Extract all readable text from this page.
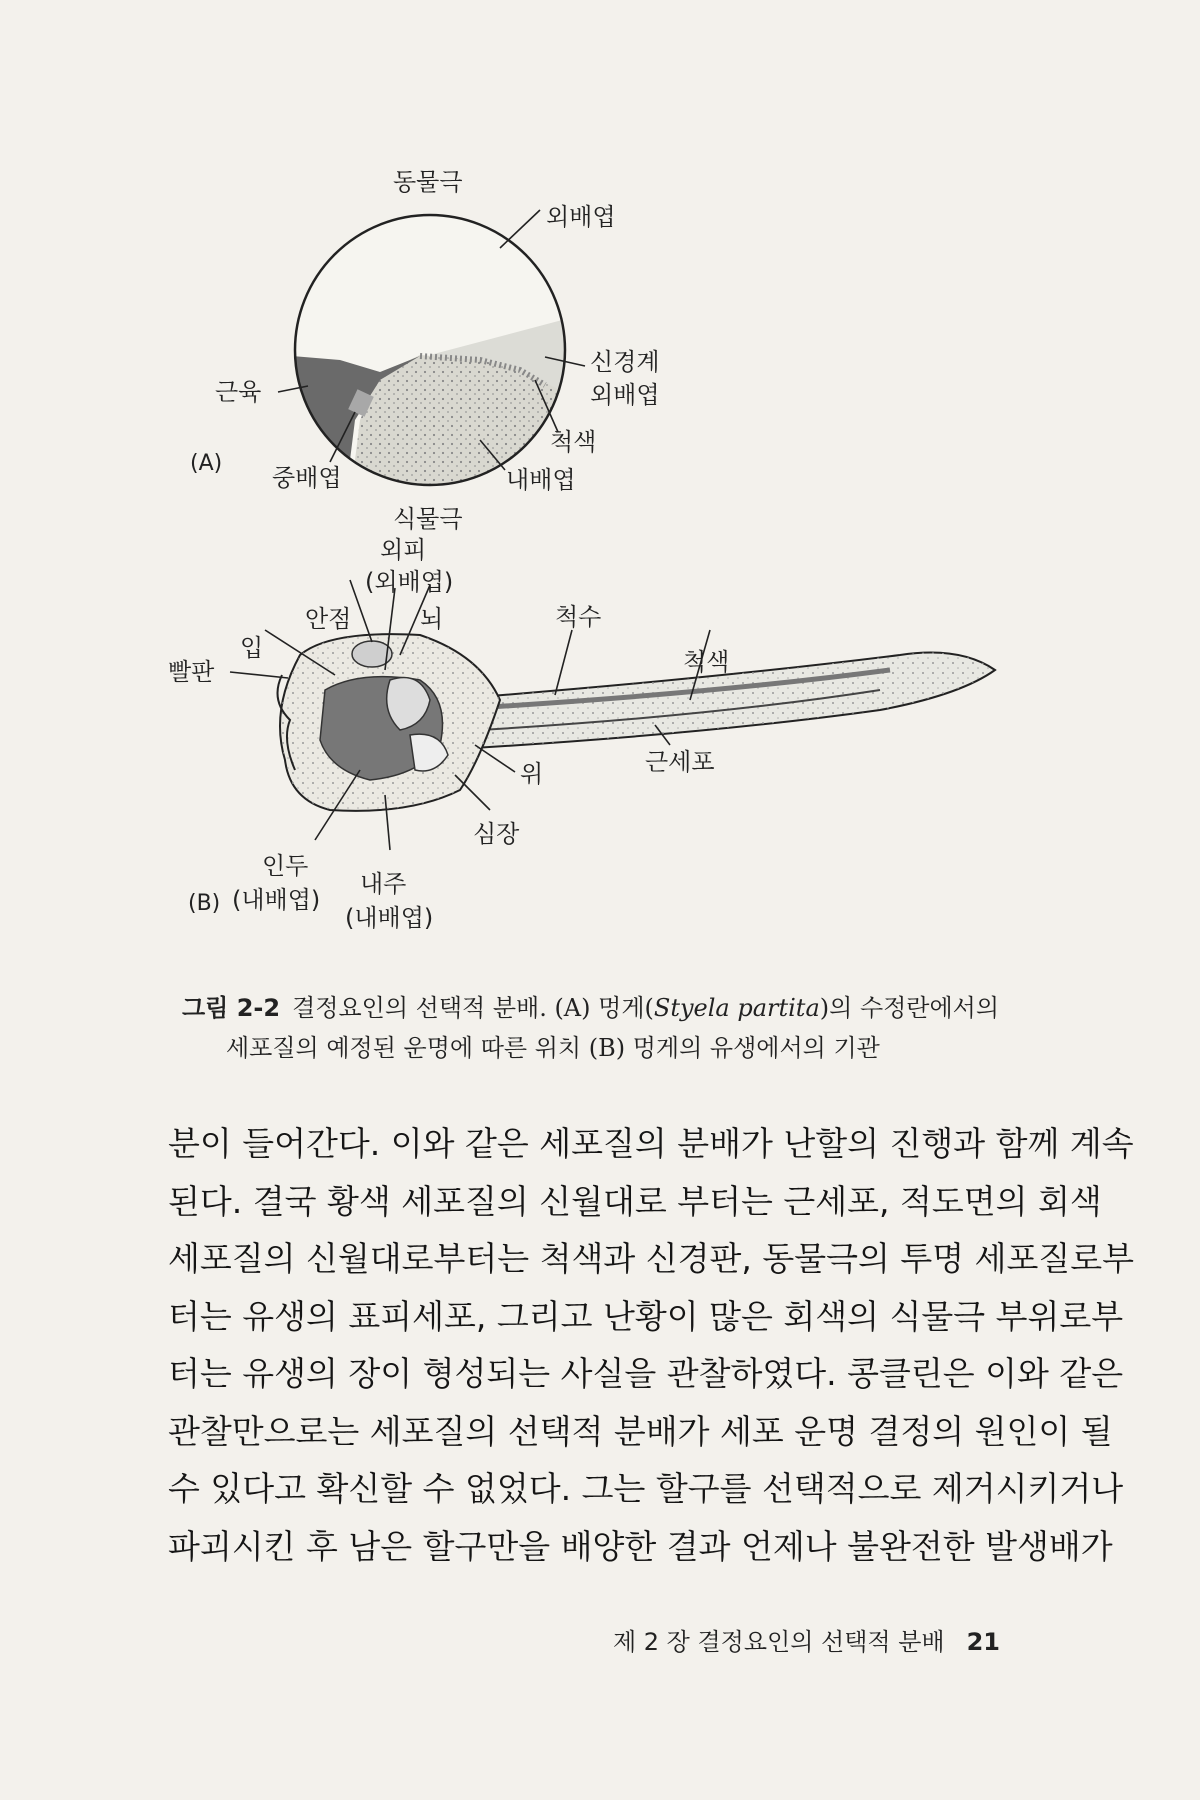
동물극
외배엽
신경계
외배엽
척색
내배엽
근육
(A)
중배엽
식물극
외피
(외배엽)
안점	뇌
입
척수
척색
빨판
위	근세포
심장
인두
(B) (내배엽)
내주
(내배엽)
그림 2-2 결정요인의 선택적 분배. (A) 멍게(Styela partita)의 수정란에서의
세포질의 예정된 운명에 따른 위치 (B) 멍게의 유생에서의 기관
분이 들어간다. 이와 같은 세포질의 분배가 난할의 진행과 함께 계속
된다. 결국 황색 세포질의 신월대로 부터는 근세포, 적도면의 회색
세포질의 신월대로부터는 척색과 신경판, 동물극의 투명 세포질로부
터는 유생의 표피세포, 그리고 난황이 많은 회색의 식물극 부위로부
터는 유생의 장이 형성되는 사실을 관찰하였다. 콩클린은 이와 같은
관찰만으로는 세포질의 선택적 분배가 세포 운명 결정의 원인이 될
수 있다고 확신할 수 없었다. 그는 할구를 선택적으로 제거시키거나
파괴시킨 후 남은 할구만을 배양한 결과 언제나 불완전한 발생배가
제 2 장 결정요인의 선택적 분배 21
